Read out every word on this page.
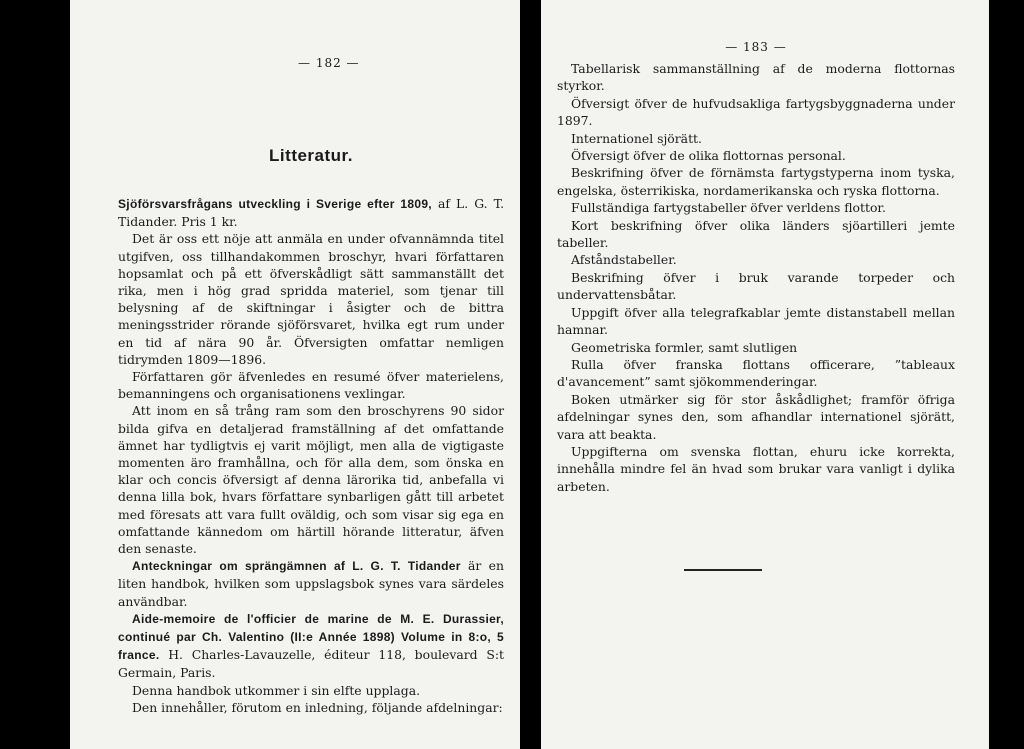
— 182 —
Litteratur.

Sjöförsvarsfrågans utveckling i Sverige efter 1809, af L. G. T. Tidander. Pris 1 kr.

Det är oss ett nöje att anmäla en under ofvannämnda titel utgifven, oss tillhandakommen broschyr, hvari författaren hopsamlat och på ett öfverskådligt sätt sammanställt det rika, men i hög grad spridda materiel, som tjenar till belysning af de skiftningar i åsigter och de bittra meningsstrider rörande sjöförsvaret, hvilka egt rum under en tid af nära 90 år. Öfversigten omfattar nemligen tidrymden 1809—1896.

Författaren gör äfvenledes en resumé öfver materielens, bemanningens och organisationens vexlingar.

Att inom en så trång ram som den broschyrens 90 sidor bilda gifva en detaljerad framställning af det omfattande ämnet har tydligtvis ej varit möjligt, men alla de vigtigaste momenten äro framhållna, och för alla dem, som önska en klar och concis öfversigt af denna lärorika tid, anbefalla vi denna lilla bok, hvars författare synbarligen gått till arbetet med föresats att vara fullt oväldig, och som visar sig ega en omfattande kännedom om härtill hörande litteratur, äfven den senaste.

Anteckningar om sprängämnen af L. G. T. Tidander är en liten handbok, hvilken som uppslagsbok synes vara särdeles användbar.

Aide-memoire de l'officier de marine de M. E. Durassier, continué par Ch. Valentino (II:e Année 1898) Volume in 8:o, 5 france. H. Charles-Lavauzelle, éditeur 118, boulevard S:t Germain, Paris.

Denna handbok utkommer i sin elfte upplaga.

Den innehåller, förutom en inledning, följande afdelningar:

— 183 —

Tabellarisk sammanställning af de moderna flottornas styrkor.

Öfversigt öfver de hufvudsakliga fartygsbyggnaderna under 1897.

Internationel sjörätt.

Öfversigt öfver de olika flottornas personal.

Beskrifning öfver de förnämsta fartygstyperna inom tyska, engelska, österrikiska, nordamerikanska och ryska flottorna.

Fullständiga fartygstabeller öfver verldens flottor.

Kort beskrifning öfver olika länders sjöartilleri jemte tabeller.

Afståndstabeller.

Beskrifning öfver i bruk varande torpeder och undervattensbåtar.

Uppgift öfver alla telegrafkablar jemte distanstabell mellan hamnar.

Geometriska formler, samt slutligen

Rulla öfver franska flottans officerare, ”tableaux d'avancement” samt sjökommenderingar.

Boken utmärker sig för stor åskådlighet; framför öfriga afdelningar synes den, som afhandlar internationel sjörätt, vara att beakta.

Uppgifterna om svenska flottan, ehuru icke korrekta, innehålla mindre fel än hvad som brukar vara vanligt i dylika arbeten.
